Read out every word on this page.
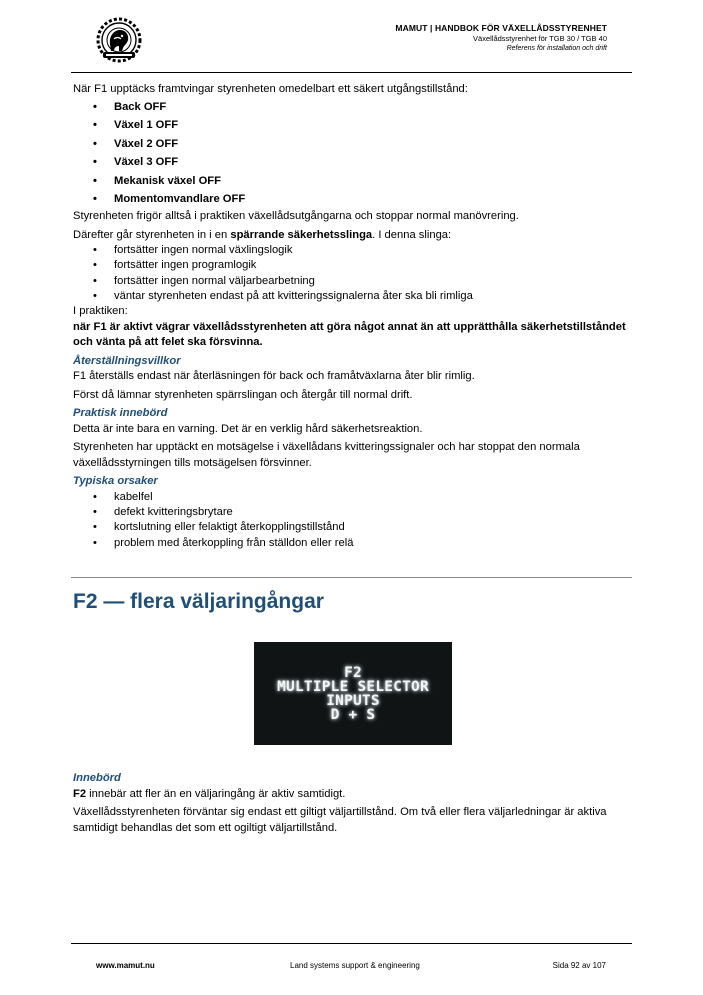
MAMUT | HANDBOK FÖR VÄXELLÅDSSTYRENHET
Växellådsstyrenhet för TGB 30 / TGB 40
Referens för installation och drift

När F1 upptäcks framtvingar styrenheten omedelbart ett säkert utgångstillstånd:

• Back OFF
• Växel 1 OFF
• Växel 2 OFF
• Växel 3 OFF
• Mekanisk växel OFF
• Momentomvandlare OFF

Styrenheten frigör alltså i praktiken växellådsutgångarna och stoppar normal manövrering.

Därefter går styrenheten in i en spärrande säkerhetsslinga. I denna slinga:

• fortsätter ingen normal växlingslogik
• fortsätter ingen programlogik
• fortsätter ingen normal väljarbearbetning
• väntar styrenheten endast på att kvitteringssignalerna åter ska bli rimliga

I praktiken:

när F1 är aktivt vägrar växellådsstyrenheten att göra något annat än att upprätthålla säkerhetstillståndet och vänta på att felet ska försvinna.

Återställningsvillkor

F1 återställs endast när återläsningen för back och framåtväxlarna åter blir rimlig.

Först då lämnar styrenheten spärrslingan och återgår till normal drift.

Praktisk innebörd

Detta är inte bara en varning. Det är en verklig hård säkerhetsreaktion.

Styrenheten har upptäckt en motsägelse i växellådans kvitteringssignaler och har stoppat den normala växellådsstyrningen tills motsägelsen försvinner.

Typiska orsaker

• kabelfel
• defekt kvitteringsbrytare
• kortslutning eller felaktigt återkopplingstillstånd
• problem med återkoppling från ställdon eller relä
F2 — flera väljaringångar
F2
MULTIPLE SELECTOR
INPUTS
D + S

Innebörd

F2 innebär att fler än en väljaringång är aktiv samtidigt.

Växellådsstyrenheten förväntar sig endast ett giltigt väljartillstånd. Om två eller flera väljarledningar är aktiva samtidigt behandlas det som ett ogiltigt väljartillstånd.

www.mamut.nu	Land systems support & engineering	Sida 92 av 107
